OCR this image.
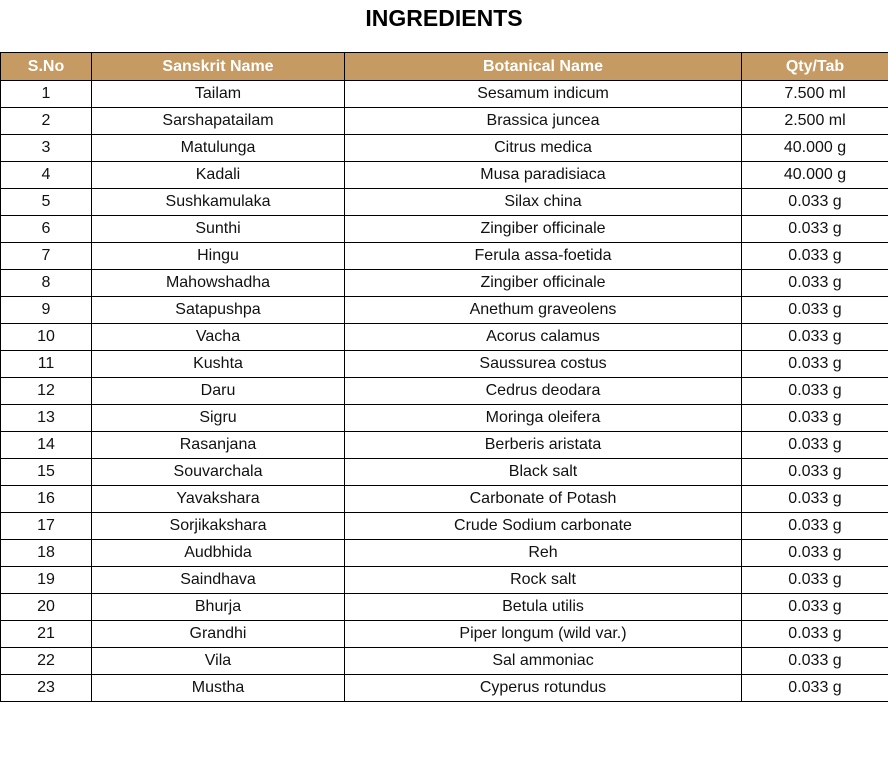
INGREDIENTS
S.No	Sanskrit Name	Botanical Name	Qty/Tab
1	Tailam	Sesamum indicum	7.500 ml
2	Sarshapatailam	Brassica juncea	2.500 ml
3	Matulunga	Citrus medica	40.000 g
4	Kadali	Musa paradisiaca	40.000 g
5	Sushkamulaka	Silax china	0.033 g
6	Sunthi	Zingiber officinale	0.033 g
7	Hingu	Ferula assa-foetida	0.033 g
8	Mahowshadha	Zingiber officinale	0.033 g
9	Satapushpa	Anethum graveolens	0.033 g
10	Vacha	Acorus calamus	0.033 g
11	Kushta	Saussurea costus	0.033 g
12	Daru	Cedrus deodara	0.033 g
13	Sigru	Moringa oleifera	0.033 g
14	Rasanjana	Berberis aristata	0.033 g
15	Souvarchala	Black salt	0.033 g
16	Yavakshara	Carbonate of Potash	0.033 g
17	Sorjikakshara	Crude Sodium carbonate	0.033 g
18	Audbhida	Reh	0.033 g
19	Saindhava	Rock salt	0.033 g
20	Bhurja	Betula utilis	0.033 g
21	Grandhi	Piper longum (wild var.)	0.033 g
22	Vila	Sal ammoniac	0.033 g
23	Mustha	Cyperus rotundus	0.033 g
